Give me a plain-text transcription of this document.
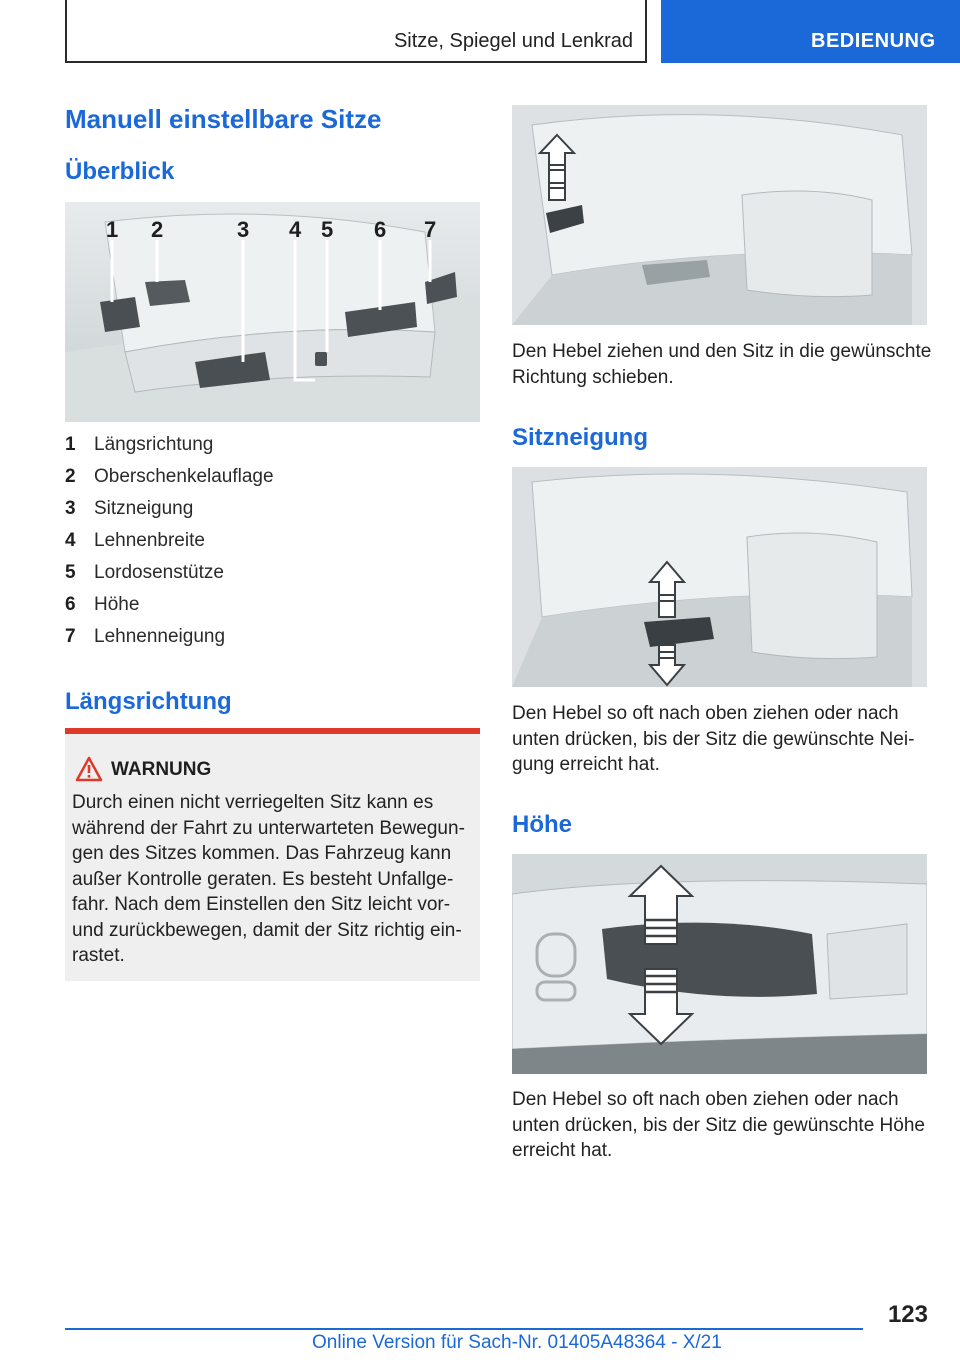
Sitze, Spiegel und Lenkrad	BEDIENUNG
Manuell einstellbare Sitze
Überblick
1 2	3 4 5 6 7
1 Längsrichtung
2 Oberschenkelauflage
3 Sitzneigung
4 Lehnenbreite
5 Lordosenstütze
6 Höhe
7 Lehnenneigung
Längsrichtung
WARNUNG
Durch einen nicht verriegelten Sitz kann es während der Fahrt zu unterwarteten Bewegungen des Sitzes kommen. Das Fahrzeug kann außer Kontrolle geraten. Es besteht Unfallgefahr. Nach dem Einstellen den Sitz leicht vor- und zurückbewegen, damit der Sitz richtig einrastet.
Den Hebel ziehen und den Sitz in die gewünschte Richtung schieben.
Sitzneigung
Den Hebel so oft nach oben ziehen oder nach unten drücken, bis der Sitz die gewünschte Neigung erreicht hat.
Höhe
Den Hebel so oft nach oben ziehen oder nach unten drücken, bis der Sitz die gewünschte Höhe erreicht hat.
123
Online Version für Sach-Nr. 01405A48364 - X/21
